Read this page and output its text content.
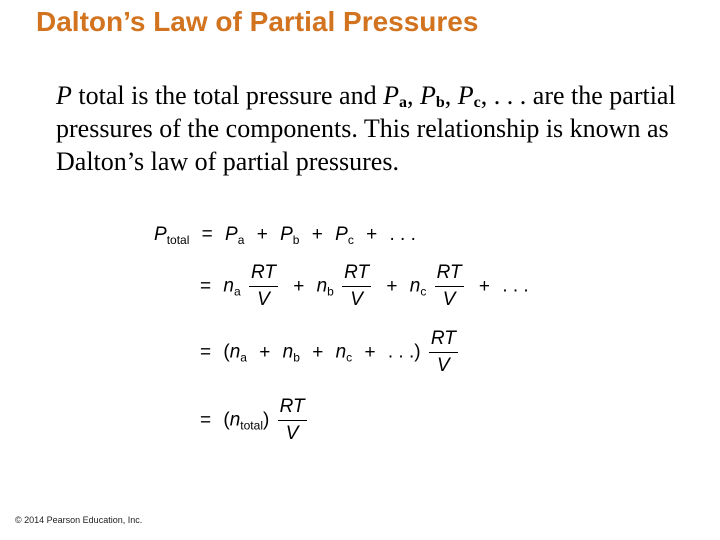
Dalton’s Law of Partial Pressures
P total is the total pressure and $P_a$, $P_b$, $P_c$, . . . are the partial pressures of the components. This relationship is known as Dalton’s law of partial pressures.
$P_{total} = P_a + P_b + P_c$ + . . .
= $n_a \frac{RT}{V} + n_b \frac{RT}{V} + n_c \frac{RT}{V}$ + . . .
= ($n_a + n_b + n_c$ + . . .) $\frac{RT}{V}$
= $(n_{total}) \frac{RT}{V}$
© 2014 Pearson Education, Inc.
